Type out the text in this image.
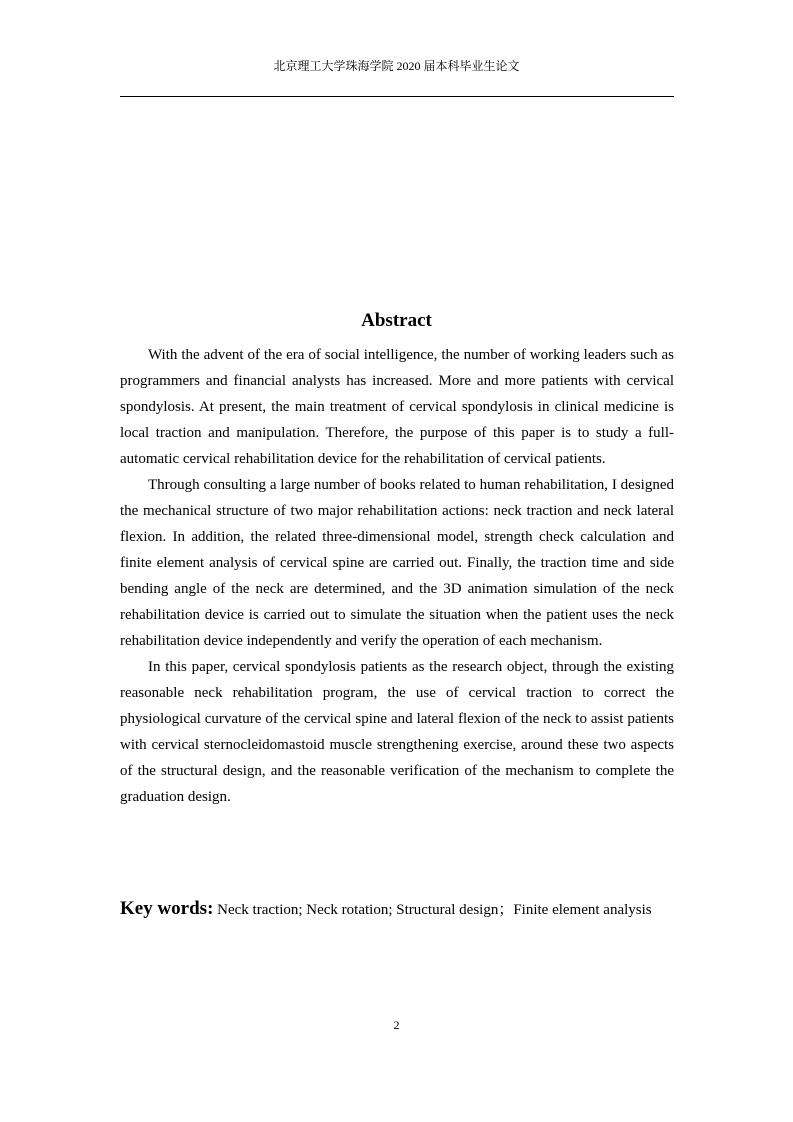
北京理工大学珠海学院 2020 届本科毕业生论文
Abstract

With the advent of the era of social intelligence, the number of working leaders such as programmers and financial analysts has increased. More and more patients with cervical spondylosis. At present, the main treatment of cervical spondylosis in clinical medicine is local traction and manipulation. Therefore, the purpose of this paper is to study a full-automatic cervical rehabilitation device for the rehabilitation of cervical patients.

Through consulting a large number of books related to human rehabilitation, I designed the mechanical structure of two major rehabilitation actions: neck traction and neck lateral flexion. In addition, the related three-dimensional model, strength check calculation and finite element analysis of cervical spine are carried out. Finally, the traction time and side bending angle of the neck are determined, and the 3D animation simulation of the neck rehabilitation device is carried out to simulate the situation when the patient uses the neck rehabilitation device independently and verify the operation of each mechanism.

In this paper, cervical spondylosis patients as the research object, through the existing reasonable neck rehabilitation program, the use of cervical traction to correct the physiological curvature of the cervical spine and lateral flexion of the neck to assist patients with cervical sternocleidomastoid muscle strengthening exercise, around these two aspects of the structural design, and the reasonable verification of the mechanism to complete the graduation design.

Key words: Neck traction; Neck rotation; Structural design；Finite element analysis
2
